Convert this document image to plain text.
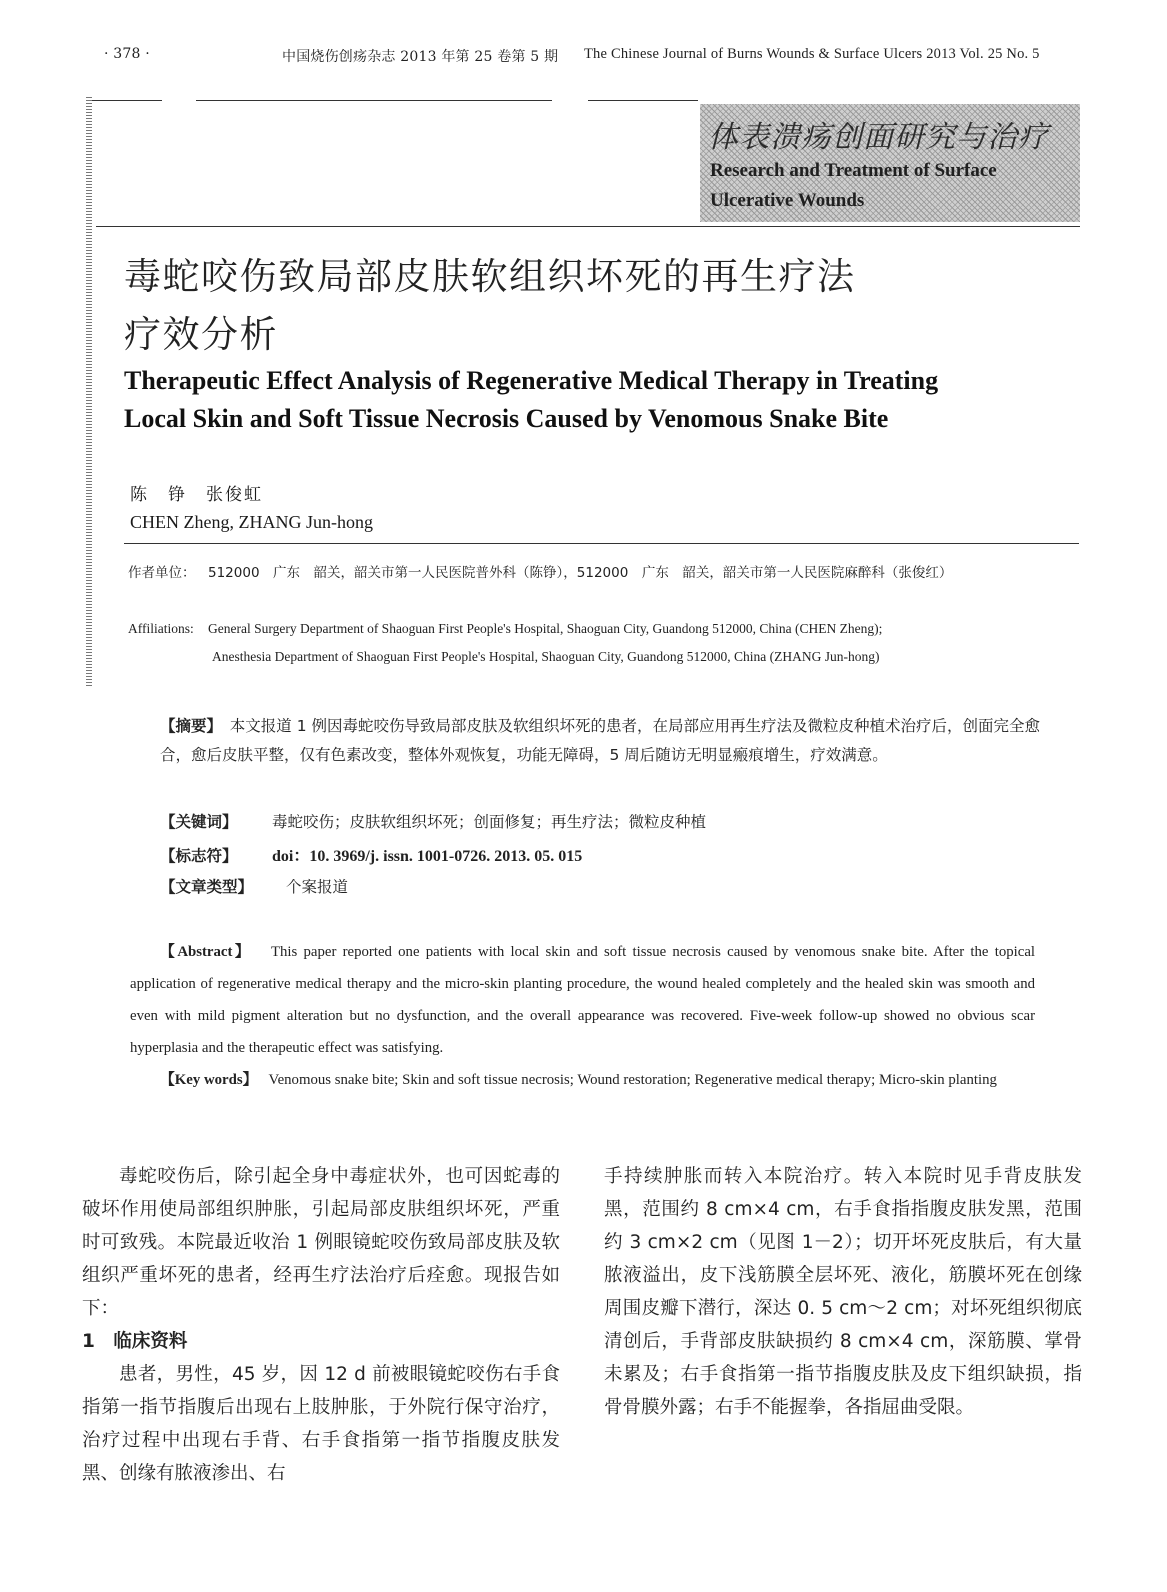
· 378 ·	中国烧伤创疡杂志 2013 年第 25 卷第 5 期 The Chinese Journal of Burns Wounds & Surface Ulcers 2013 Vol. 25 No. 5
体表溃疡创面研究与治疗
Research and Treatment of Surface Ulcerative Wounds
毒蛇咬伤致局部皮肤软组织坏死的再生疗法
疗效分析
Therapeutic Effect Analysis of Regenerative Medical Therapy in Treating
Local Skin and Soft Tissue Necrosis Caused by Venomous Snake Bite
陈　铮　张俊虹
CHEN Zheng, ZHANG Jun-hong
作者单位： 512000　广东　韶关，韶关市第一人民医院普外科（陈铮），512000　广东　韶关，韶关市第一人民医院麻醉科（张俊红）
Affiliations: General Surgery Department of Shaoguan First People's Hospital, Shaoguan City, Guandong 512000, China (CHEN Zheng);
Anesthesia Department of Shaoguan First People's Hospital, Shaoguan City, Guandong 512000, China (ZHANG Jun-hong)

【摘要】　 本文报道 1 例因毒蛇咬伤导致局部皮肤及软组织坏死的患者，在局部应用再生疗法及微粒皮种植术治疗后，创面完全愈合，愈后皮肤平整，仅有色素改变，整体外观恢复，功能无障碍，5 周后随访无明显瘢痕增生，疗效满意。

【关键词】 毒蛇咬伤；皮肤软组织坏死；创面修复；再生疗法；微粒皮种植
【标志符】 doi：10. 3969/j. issn. 1001-0726. 2013. 05. 015
【文章类型】 个案报道

【Abstract】 This paper reported one patients with local skin and soft tissue necrosis caused by venomous snake bite. After the topical application of regenerative medical therapy and the micro-skin planting procedure, the wound healed completely and the healed skin was smooth and even with mild pigment alteration but no dysfunction, and the overall appearance was recovered. Five-week follow-up showed no obvious scar hyperplasia and the therapeutic effect was satisfying.

【Key words】 Venomous snake bite; Skin and soft tissue necrosis; Wound restoration; Regenerative medical therapy; Micro-skin planting

毒蛇咬伤后，除引起全身中毒症状外，也可因蛇毒的破坏作用使局部组织肿胀，引起局部皮肤组织坏死，严重时可致残。本院最近收治 1 例眼镜蛇咬伤致局部皮肤及软组织严重坏死的患者，经再生疗法治疗后痊愈。现报告如下：

1　临床资料

患者，男性，45 岁，因 12 d 前被眼镜蛇咬伤右手食指第一指节指腹后出现右上肢肿胀，于外院行保守治疗，治疗过程中出现右手背、右手食指第一指节指腹皮肤发黑、创缘有脓液渗出、右

手持续肿胀而转入本院治疗。转入本院时见手背皮肤发黑，范围约 8 cm×4 cm，右手食指指腹皮肤发黑，范围约 3 cm×2 cm（见图 1－2）；切开坏死皮肤后，有大量脓液溢出，皮下浅筋膜全层坏死、液化，筋膜坏死在创缘周围皮瓣下潜行，深达 0. 5 cm～2 cm；对坏死组织彻底清创后，手背部皮肤缺损约 8 cm×4 cm，深筋膜、掌骨未累及；右手食指第一指节指腹皮肤及皮下组织缺损，指骨骨膜外露；右手不能握拳，各指屈曲受限。
